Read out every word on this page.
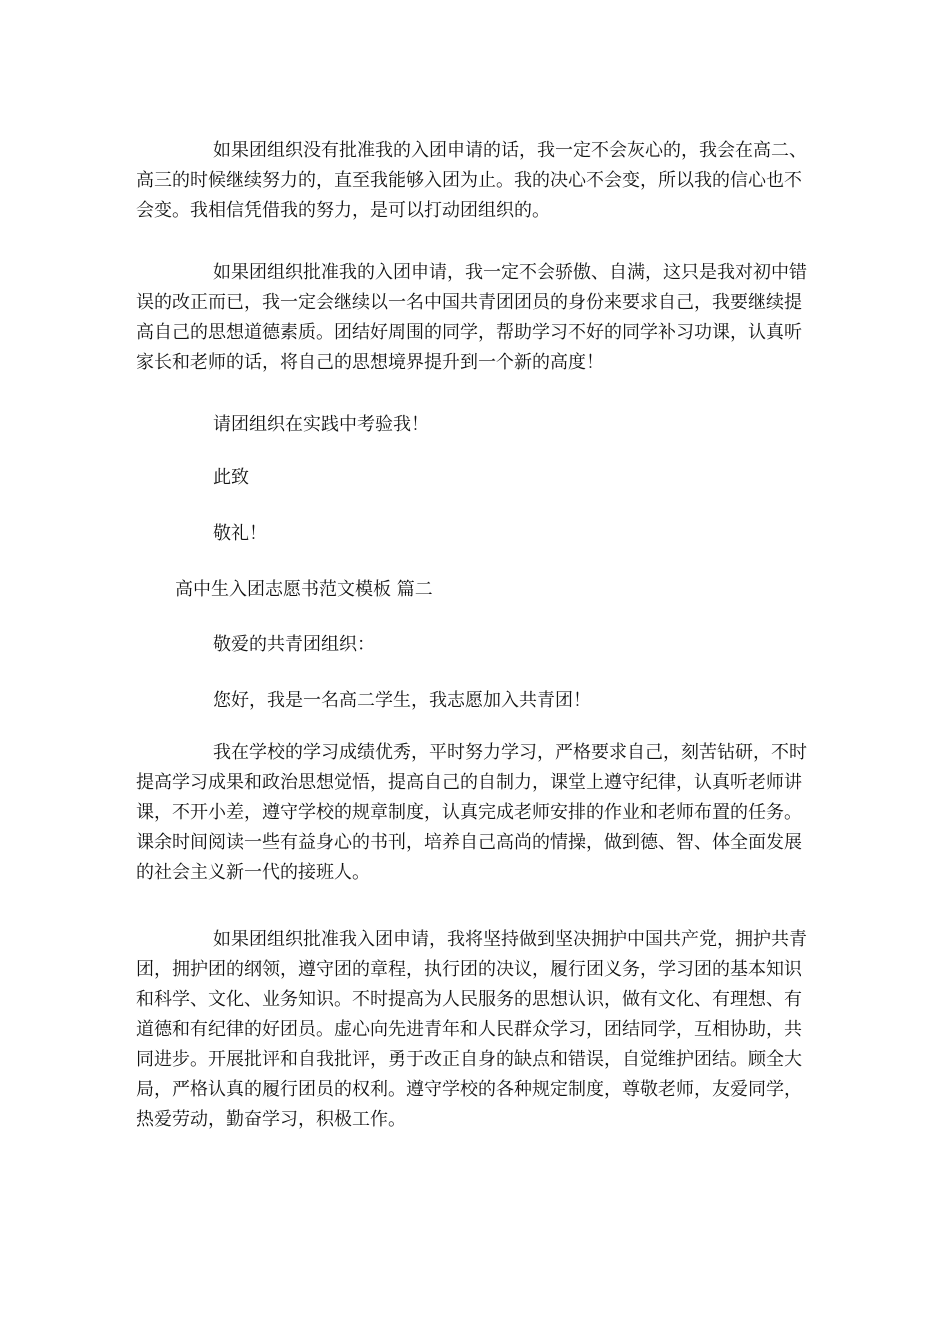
如果团组织没有批准我的入团申请的话，我一定不会灰心的，我会在高二、高三的时候继续努力的，直至我能够入团为止。我的决心不会变，所以我的信心也不会变。我相信凭借我的努力，是可以打动团组织的。

如果团组织批准我的入团申请，我一定不会骄傲、自满，这只是我对初中错误的改正而已，我一定会继续以一名中国共青团团员的身份来要求自己，我要继续提高自己的思想道德素质。团结好周围的同学，帮助学习不好的同学补习功课，认真听家长和老师的话，将自己的思想境界提升到一个新的高度！

请团组织在实践中考验我！

此致

敬礼！

高中生入团志愿书范文模板 篇二

敬爱的共青团组织：

您好，我是一名高二学生，我志愿加入共青团！

我在学校的学习成绩优秀，平时努力学习，严格要求自己，刻苦钻研，不时提高学习成果和政治思想觉悟，提高自己的自制力，课堂上遵守纪律，认真听老师讲课，不开小差，遵守学校的规章制度，认真完成老师安排的作业和老师布置的任务。课余时间阅读一些有益身心的书刊，培养自己高尚的情操，做到德、智、体全面发展的社会主义新一代的接班人。

如果团组织批准我入团申请，我将坚持做到坚决拥护中国共产党，拥护共青团，拥护团的纲领，遵守团的章程，执行团的决议，履行团义务，学习团的基本知识和科学、文化、业务知识。不时提高为人民服务的思想认识，做有文化、有理想、有道德和有纪律的好团员。虚心向先进青年和人民群众学习，团结同学，互相协助，共同进步。开展批评和自我批评，勇于改正自身的缺点和错误，自觉维护团结。顾全大局，严格认真的履行团员的权利。遵守学校的各种规定制度，尊敬老师，友爱同学，热爱劳动，勤奋学习，积极工作。
